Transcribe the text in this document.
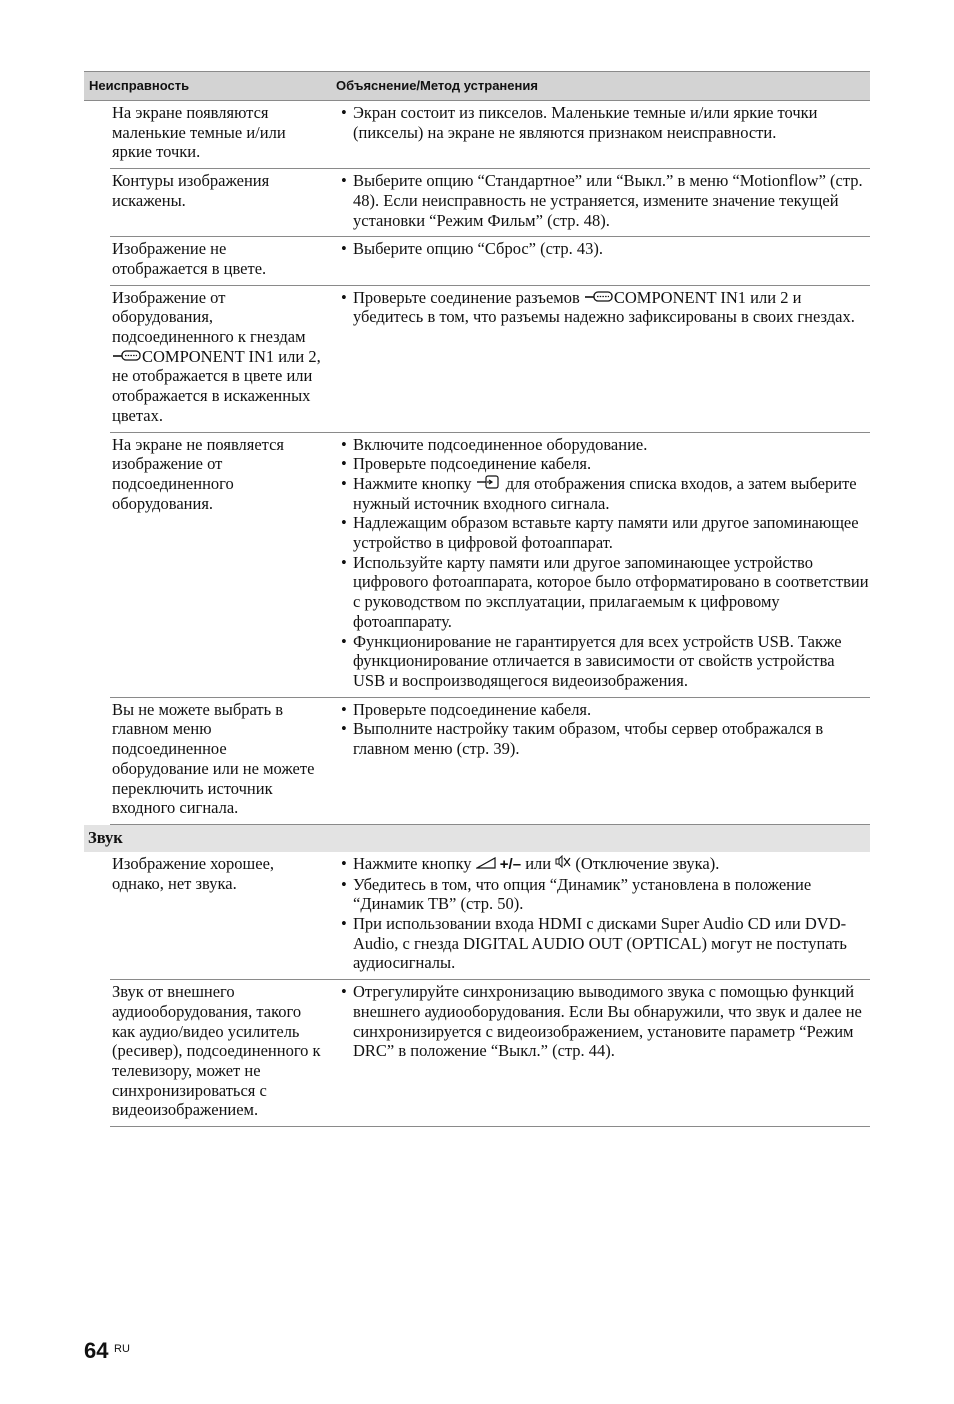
Неисправность	Объяснение/Метод устранения
На экране появляются маленькие темные и/или яркие точки.
• Экран состоит из пикселов. Маленькие темные и/или яркие точки (пикселы) на экране не являются признаком неисправности.
Контуры изображения искажены.
• Выберите опцию “Стандартное” или “Выкл.” в меню “Motionflow” (стр. 48). Если неисправность не устраняется, измените значение текущей установки “Режим Фильм” (стр. 48).
Изображение не отображается в цвете.
• Выберите опцию “Сброс” (стр. 43).
Изображение от оборудования, подсоединенного к гнездам

COMPONENT IN1 или 2, не отображается в цвете или отображается в искаженных цветах.
• Проверьте соединение разъемов COMPONENT IN1 или 2 и убедитесь в том, что разъемы надежно зафиксированы в своих гнездах.
На экране не появляется изображение от подсоединенного оборудования.
• Включите подсоединенное оборудование.
• Проверьте подсоединение кабеля.
• Нажмите кнопку для отображения списка входов, а затем выберите нужный источник входного сигнала.
• Надлежащим образом вставьте карту памяти или другое запоминающее устройство в цифровой фотоаппарат.
• Используйте карту памяти или другое запоминающее устройство цифрового фотоаппарата, которое было отформатировано в соответствии с руководством по эксплуатации, прилагаемым к цифровому фотоаппарату.
• Функционирование не гарантируется для всех устройств USB. Также функционирование отличается в зависимости от свойств устройства USB и воспроизводящегося видеоизображения.
Вы не можете выбрать в главном меню подсоединенное оборудование или не можете переключить источник входного сигнала.
• Проверьте подсоединение кабеля.
• Выполните настройку таким образом, чтобы сервер отображался в главном меню (стр. 39).
Звук
Изображение хорошее, однако, нет звука.
• Нажмите кнопку +/– или (Отключение звука).
• Убедитесь в том, что опция “Динамик” установлена в положение “Динамик ТВ” (стр. 50).
• При использовании входа HDMI с дисками Super Audio CD или DVD-Audio, с гнезда DIGITAL AUDIO OUT (OPTICAL) могут не поступать аудиосигналы.
Звук от внешнего аудиооборудования, такого как аудио/видео усилитель (ресивер), подсоединенного к телевизору, может не синхронизироваться с видеоизображением.
• Отрегулируйте синхронизацию выводимого звука с помощью функций внешнего аудиооборудования. Если Вы обнаружили, что звук и далее не синхронизируется с видеоизображением, установите параметр “Режим DRC” в положение “Выкл.” (стр. 44).
64 RU
